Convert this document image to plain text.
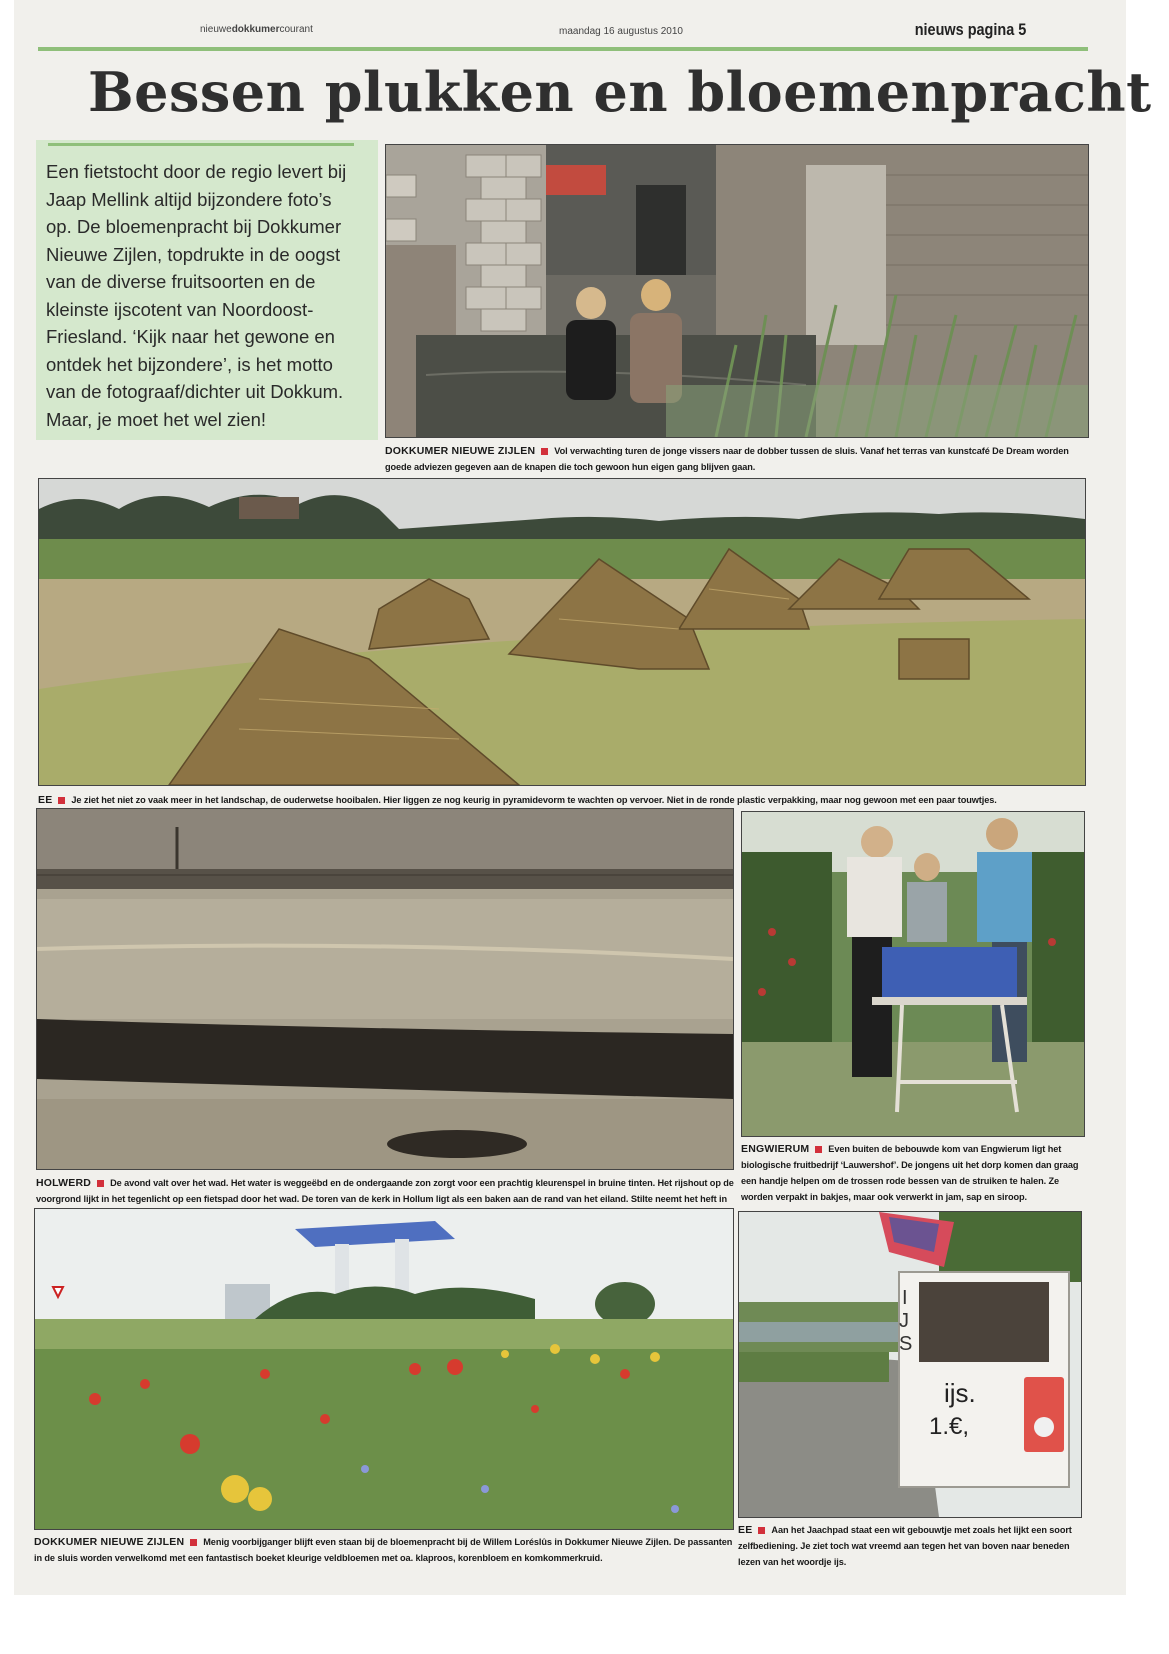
nieuwedokkumercourant	maandag 16 augustus 2010	nieuws pagina 5
Bessen plukken en bloemenpracht
Een fietstocht door de regio levert bij Jaap Mellink altijd bijzondere foto’s op. De bloemenpracht bij Dokkumer Nieuwe Zijlen, topdrukte in de oogst van de diverse fruitsoorten en de kleinste ijscotent van Noordoost-Friesland. ‘Kijk naar het gewone en ontdek het bijzondere’, is het motto van de fotograaf/dichter uit Dokkum. Maar, je moet het wel zien!
DOKKUMER NIEUWE ZIJLEN Vol verwachting turen de jonge vissers naar de dobber tussen de sluis. Vanaf het terras van kunstcafé De Dream worden goede adviezen gegeven aan de knapen die toch gewoon hun eigen gang blijven gaan.
EE Je ziet het niet zo vaak meer in het landschap, de ouderwetse hooibalen. Hier liggen ze nog keurig in pyramidevorm te wachten op vervoer. Niet in de ronde plastic verpakking, maar nog gewoon met een paar touwtjes.
HOLWERD De avond valt over het wad. Het water is weggeëbd en de ondergaande zon zorgt voor een prachtig kleurenspel in bruine tinten. Het rijshout op de voorgrond lijkt in het tegenlicht op een fietspad door het wad. De toren van de kerk in Hollum ligt als een baken aan de rand van het eiland. Stilte neemt het heft in
ENGWIERUM Even buiten de bebouwde kom van Engwierum ligt het biologische fruitbedrijf ‘Lauwershof’. De jongens uit het dorp komen dan graag een handje helpen om de trossen rode bessen van de struiken te halen. Ze worden verpakt in bakjes, maar ook verwerkt in jam, sap en siroop.
DOKKUMER NIEUWE ZIJLEN Menig voorbijganger blijft even staan bij de bloemenpracht bij de Willem Loréslûs in Dokkumer Nieuwe Zijlen. De passanten in de sluis worden verwelkomd met een fantastisch boeket kleurige veldbloemen met oa. klaproos, korenbloem en komkommerkruid.
I
J
S
ijs.
1.€,
EE Aan het Jaachpad staat een wit gebouwtje met zoals het lijkt een soort zelfbediening. Je ziet toch wat vreemd aan tegen het van boven naar beneden lezen van het woordje ijs.
